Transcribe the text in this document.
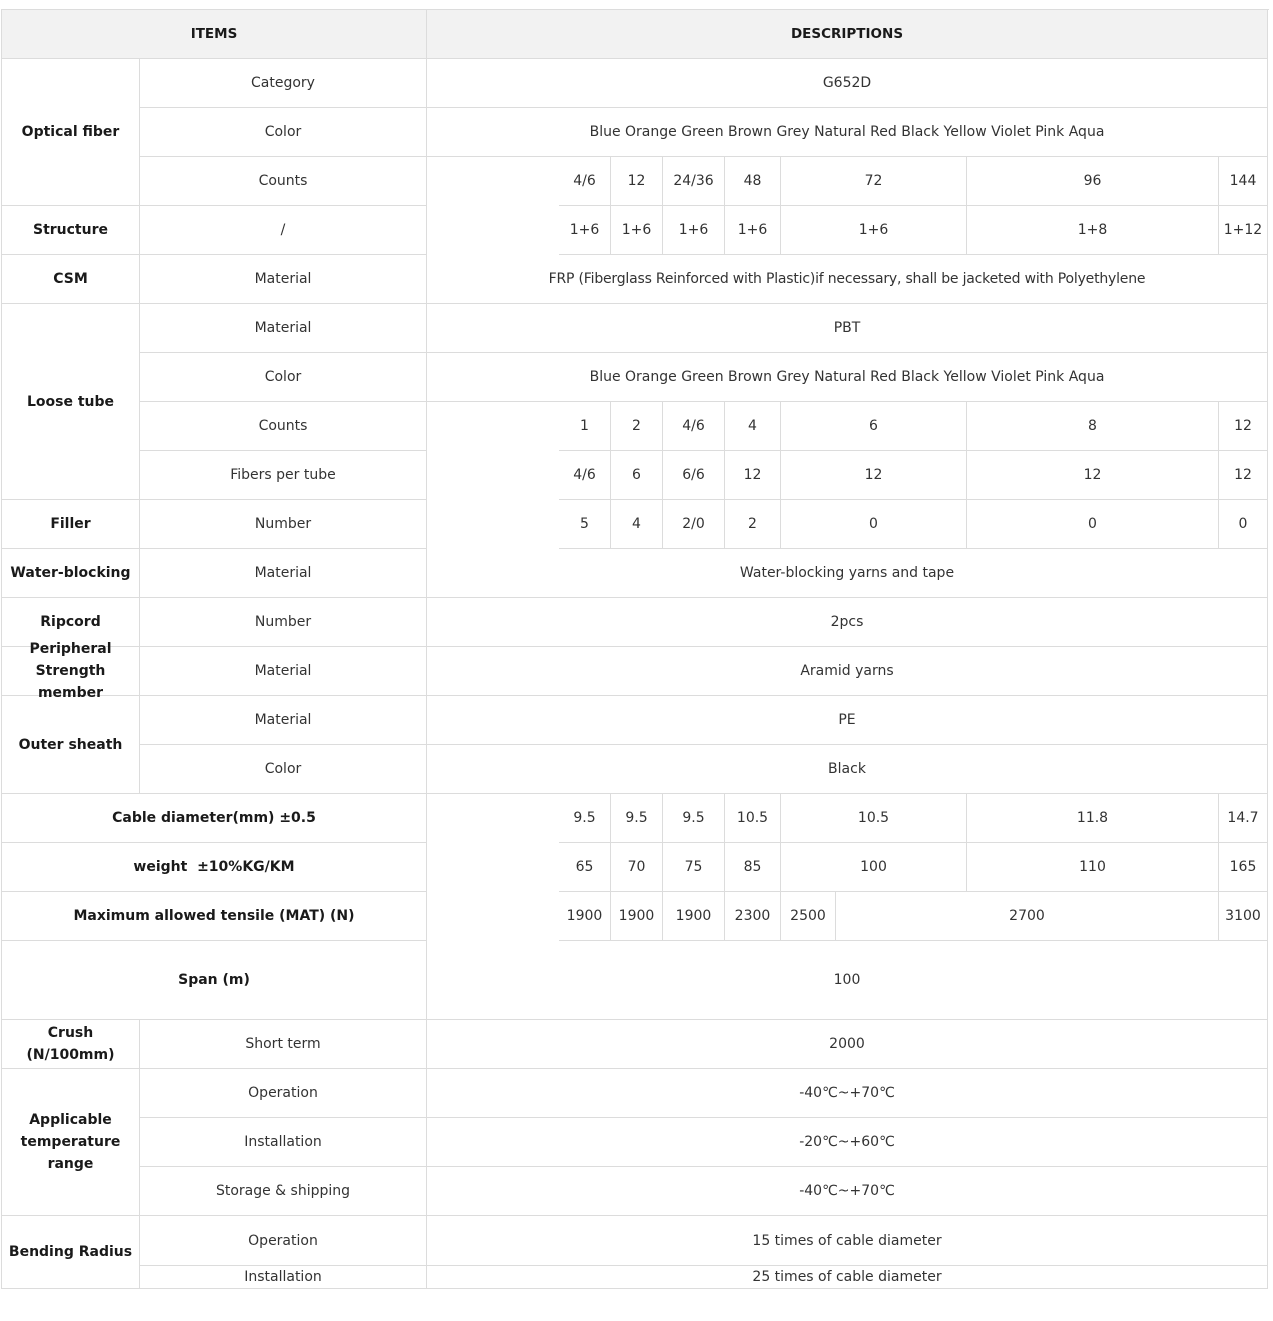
ITEMS	DESCRIPTIONS
Optical fiber
Category	G652D
Color	Blue Orange Green Brown Grey Natural Red Black Yellow Violet Pink Aqua
Counts	4/6	12	24/36	48	72	96	144
Structure	/	1+6	1+6	1+6	1+6	1+6	1+8	1+12
CSM	Material	FRP (Fiberglass Reinforced with Plastic)if necessary, shall be jacketed with Polyethylene
Loose tube
Material	PBT
Color	Blue Orange Green Brown Grey Natural Red Black Yellow Violet Pink Aqua
Counts	1	2	4/6	4	6	8	12
Fibers per tube	4/6	6	6/6	12	12	12	12
Filler	Number	5	4	2/0	2	0	0	0
Water-blocking	Material	Water-blocking yarns and tape
Ripcord	Number	2pcs
Peripheral Strength member
Material	Aramid yarns
Outer sheath
Material	PE
Color	Black
Cable diameter(mm) ±0.5	9.5	9.5	9.5	10.5	10.5	11.8	14.7
weight  ±10%KG/KM	65	70	75	85	100	110	165
Maximum allowed tensile (MAT) (N)	1900	1900	1900	2300	2500	2700	3100
Span (m)	100
Crush (N/100mm)
Short term	2000
Applicable temperature range
Operation	-40℃~+70℃
Installation	-20℃~+60℃
Storage & shipping	-40℃~+70℃
Bending Radius
Operation	15 times of cable diameter
Installation	25 times of cable diameter
